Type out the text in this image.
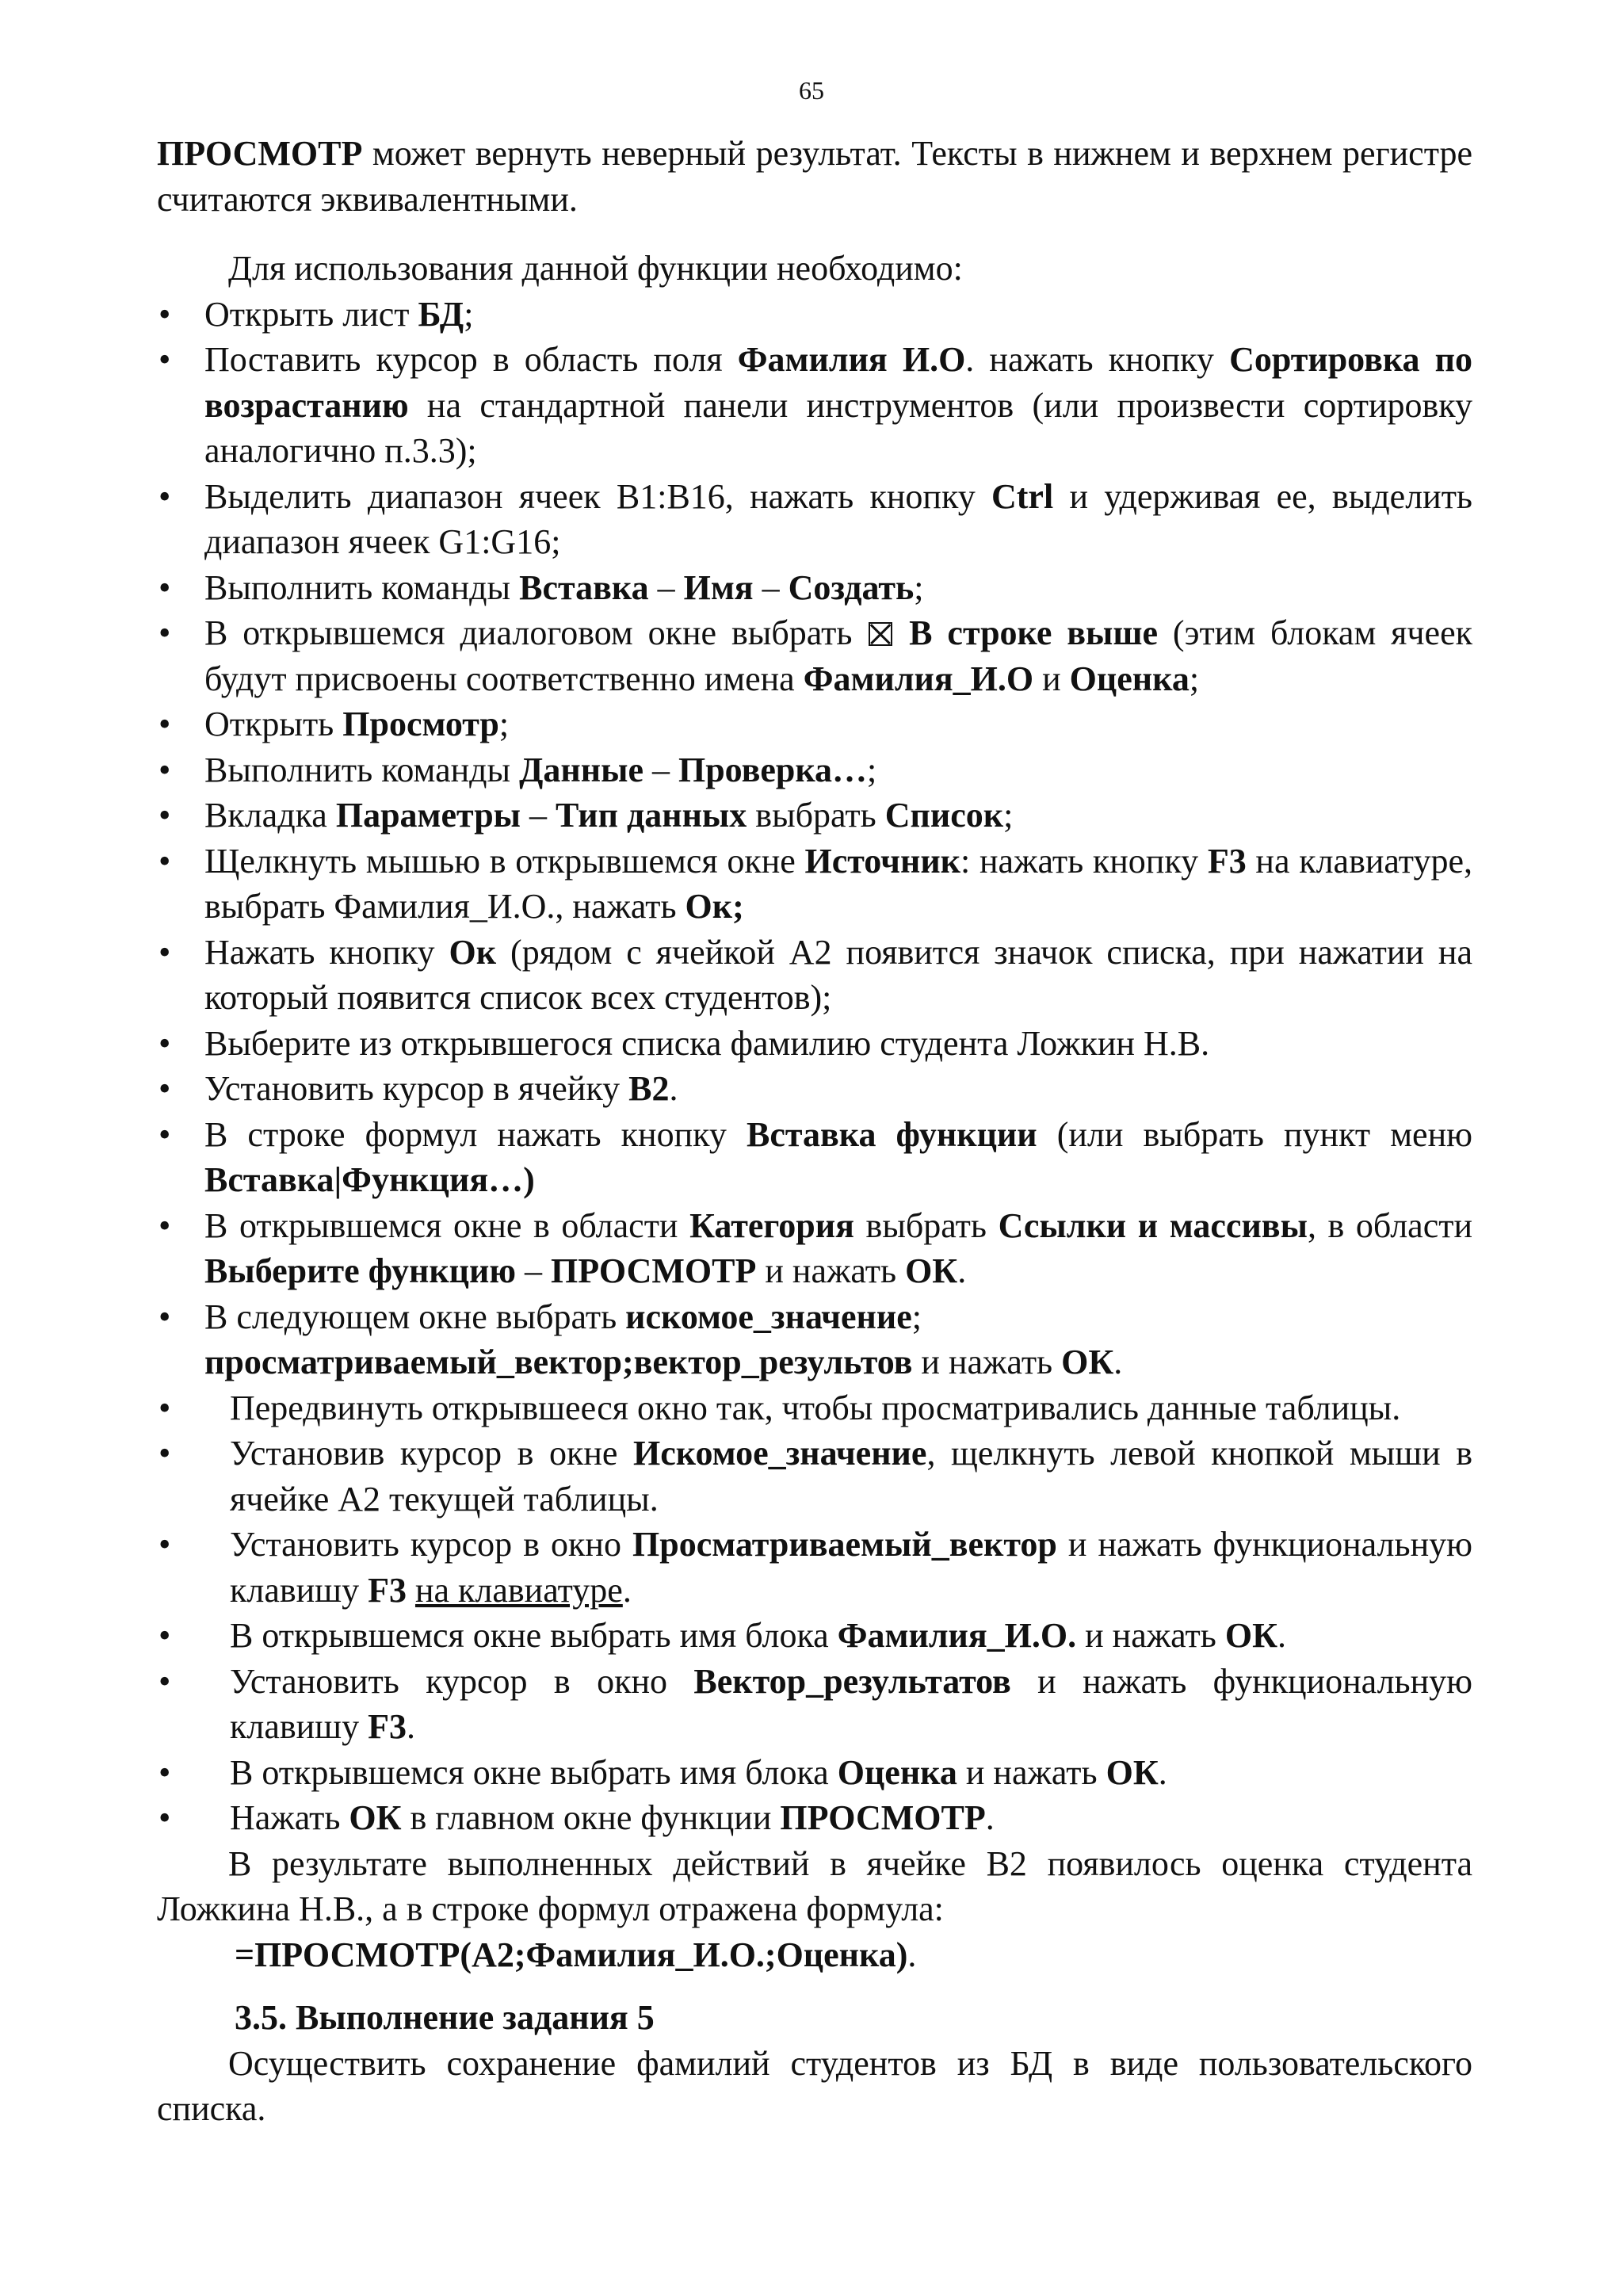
65

ПРОСМОТР может вернуть неверный результат. Тексты в нижнем и верхнем регистре считаются эквивалентными.

Для использования данной функции необходимо:

• Открыть лист БД;
• Поставить курсор в область поля Фамилия И.О. нажать кнопку Сортировка по возрастанию на стандартной панели инструментов (или произвести сортировку аналогично п.3.3);
• Выделить диапазон ячеек B1:B16, нажать кнопку Ctrl и удерживая ее, выделить диапазон ячеек G1:G16;
• Выполнить команды Вставка – Имя – Создать;
• В открывшемся диалоговом окне выбрать  В строке выше (этим блокам ячеек будут присвоены соответственно имена Фамилия_И.О и Оценка;
• Открыть Просмотр;
• Выполнить команды Данные – Проверка…;
• Вкладка Параметры – Тип данных выбрать Список;
• Щелкнуть мышью в открывшемся окне Источник: нажать кнопку F3 на клавиатуре, выбрать Фамилия_И.О., нажать Ок;
• Нажать кнопку Ок (рядом с ячейкой А2 появится значок списка, при нажатии на который появится список всех студентов);
• Выберите из открывшегося списка фамилию студента Ложкин Н.В.
• Установить курсор в ячейку В2.
• В строке формул нажать кнопку Вставка функции (или выбрать пункт меню Вставка|Функция…)
• В открывшемся окне в области Категория выбрать Ссылки и массивы, в области Выберите функцию – ПРОСМОТР и нажать ОК.
• В следующем окне выбрать искомое_значение;
просматриваемый_вектор;вектор_результов и нажать ОК.
• Передвинуть открывшееся окно так, чтобы просматривались данные таблицы.
• Установив курсор в окне Искомое_значение, щелкнуть левой кнопкой мыши в ячейке А2 текущей таблицы.
• Установить курсор в окно Просматриваемый_вектор и нажать функциональную клавишу F3 на клавиатуре.
• В открывшемся окне выбрать имя блока Фамилия_И.О. и нажать ОК.
• Установить курсор в окно Вектор_результатов и нажать функциональную клавишу F3.
• В открывшемся окне выбрать имя блока Оценка и нажать ОК.
• Нажать ОК в главном окне функции ПРОСМОТР.

В результате выполненных действий в ячейке В2 появилось оценка студента Ложкина Н.В., а в строке формул отражена формула:

=ПРОСМОТР(А2;Фамилия_И.О.;Оценка).

3.5. Выполнение задания 5

Осуществить сохранение фамилий студентов из БД в виде пользовательского списка.
